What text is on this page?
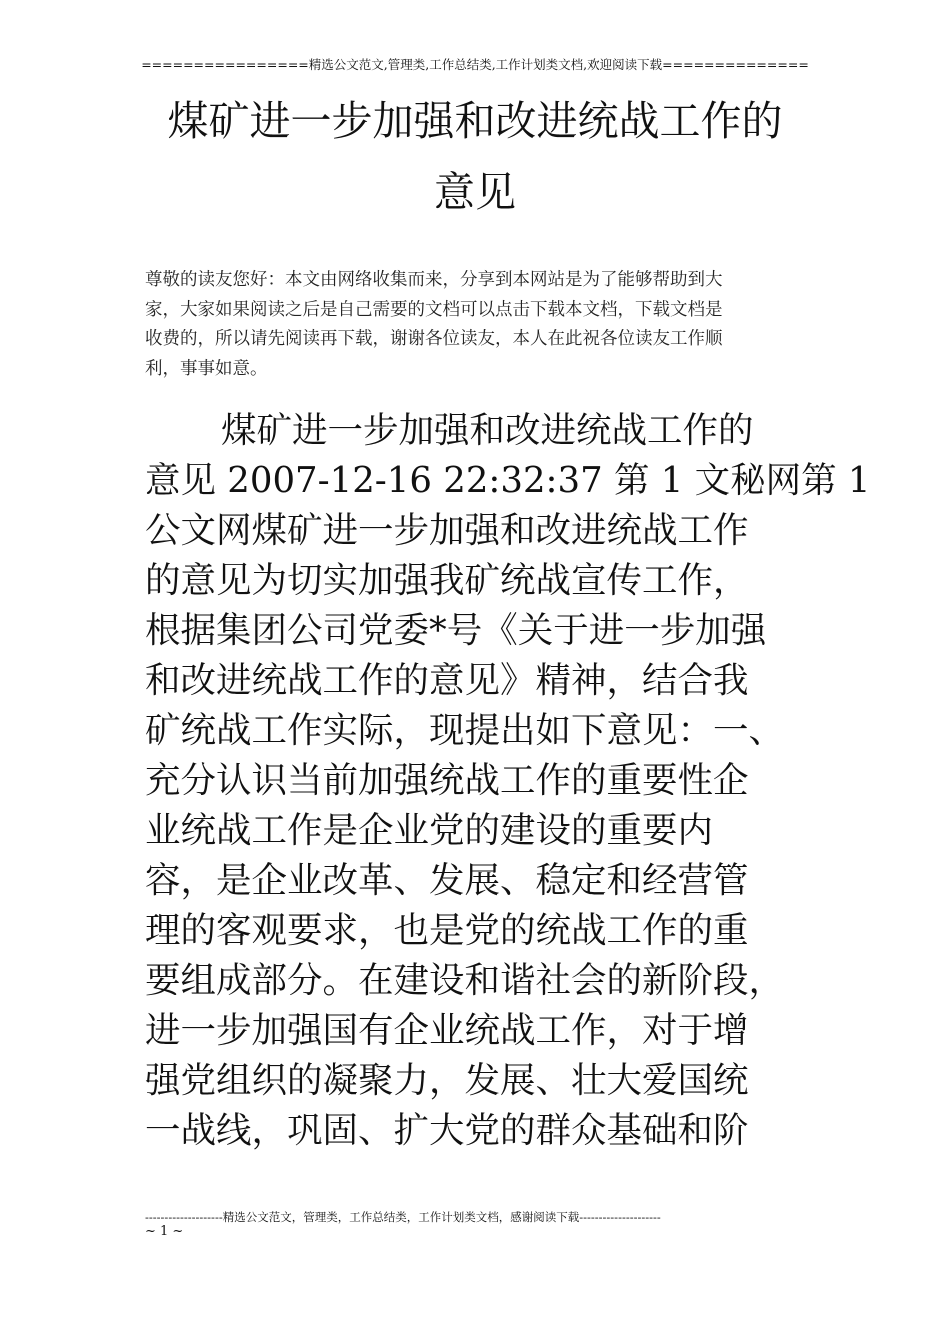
================精选公文范文,管理类,工作总结类,工作计划类文档,欢迎阅读下载==============
煤矿进一步加强和改进统战工作的
意见
尊敬的读友您好：本文由网络收集而来，分享到本网站是为了能够帮助到大
家，大家如果阅读之后是自己需要的文档可以点击下载本文档，下载文档是
收费的，所以请先阅读再下载，谢谢各位读友，本人在此祝各位读友工作顺
利，事事如意。
煤矿进一步加强和改进统战工作的
意见 2007-12-16 22:32:37 第 1 文秘网第 1
公文网煤矿进一步加强和改进统战工作
的意见为切实加强我矿统战宣传工作，
根据集团公司党委*号《关于进一步加强
和改进统战工作的意见》精神，结合我
矿统战工作实际，现提出如下意见：一、
充分认识当前加强统战工作的重要性企
业统战工作是企业党的建设的重要内
容，是企业改革、发展、稳定和经营管
理的客观要求，也是党的统战工作的重
要组成部分。在建设和谐社会的新阶段，
进一步加强国有企业统战工作，对于增
强党组织的凝聚力，发展、壮大爱国统
一战线，巩固、扩大党的群众基础和阶
--------------------精选公文范文，管理类，工作总结类，工作计划类文档，感谢阅读下载---------------------
~ 1 ~
